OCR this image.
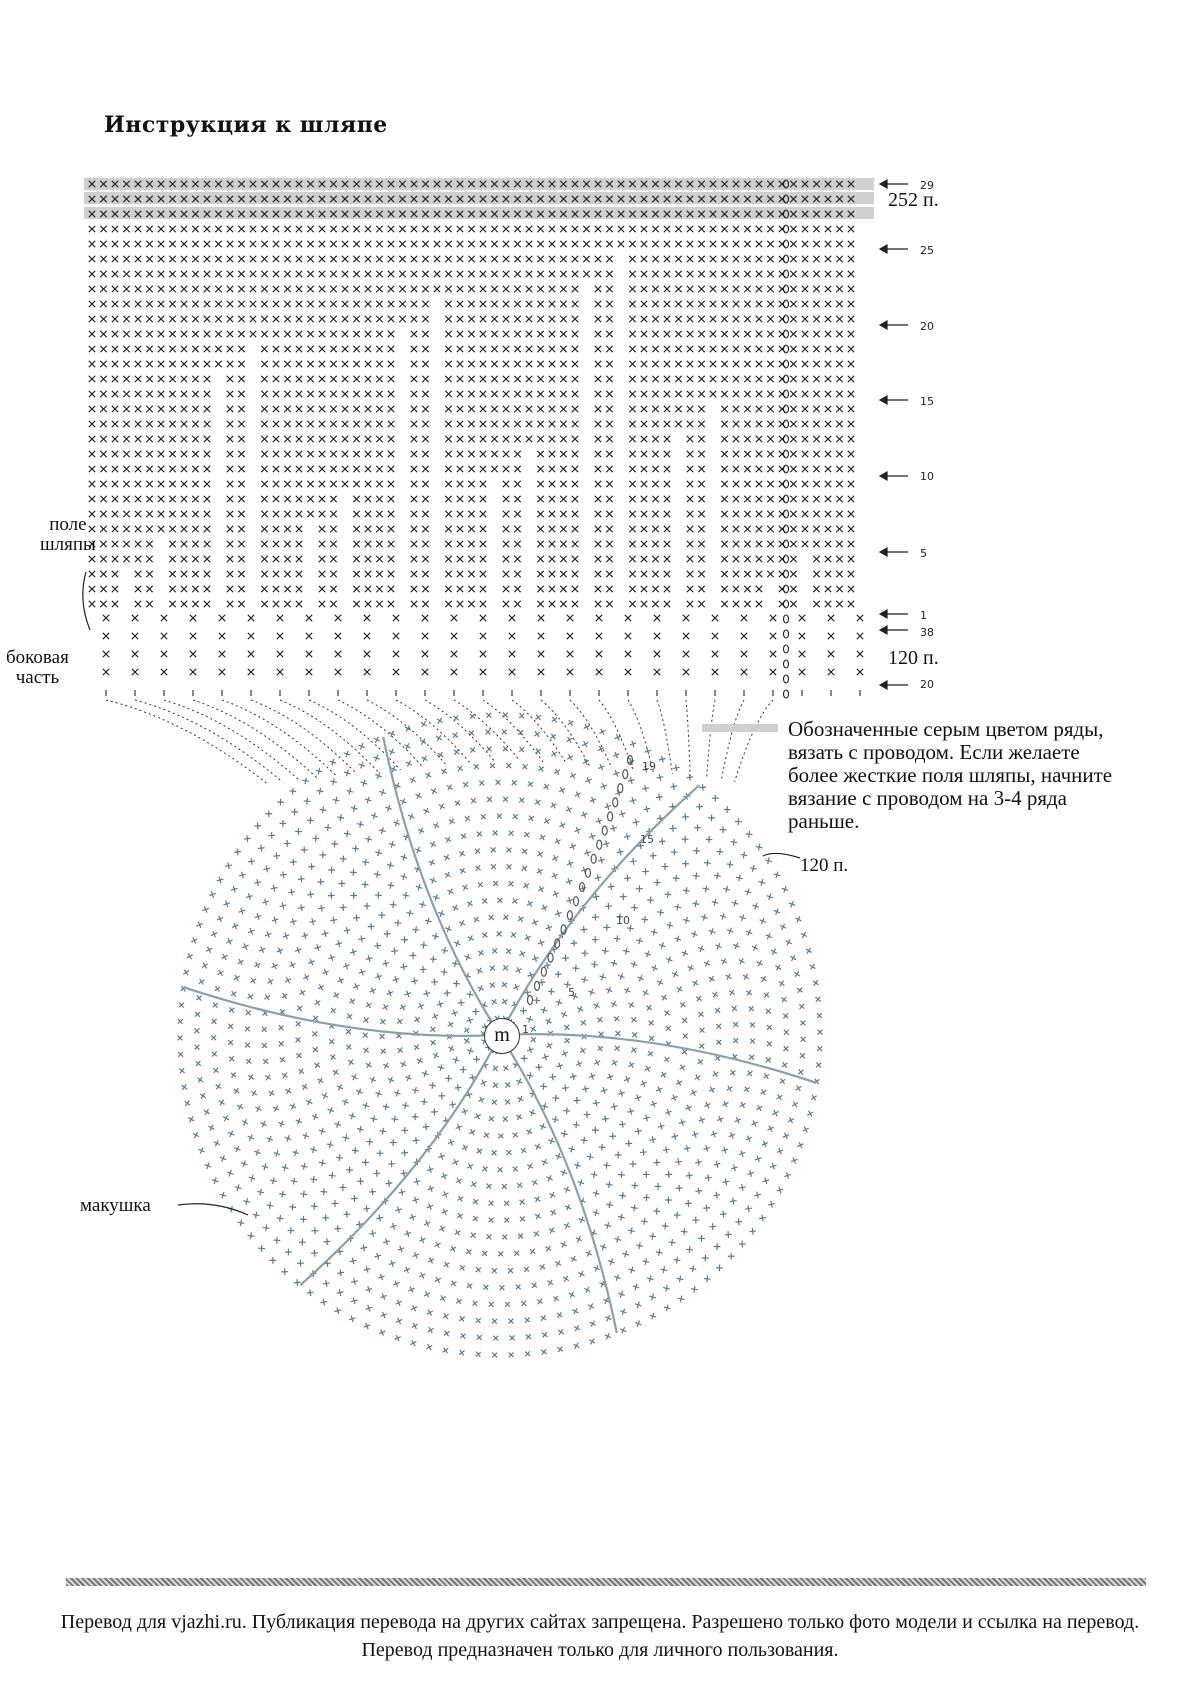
Инструкция к шляпе
29
25
20
15
10
5
1
38
20
19
15
10
5
1
поле
шляпы
боковая
часть
макушка
252 п.
120 п.
120 п.
m
Обозначенные серым цветом ряды, вязать с проводом. Если желаете более жесткие поля шляпы, начните вязание с проводом на 3-4 ряда раньше.
Перевод для vjazhi.ru. Публикация перевода на других сайтах запрещена. Разрешено только фото модели и ссылка на перевод. Перевод предназначен только для личного пользования.
